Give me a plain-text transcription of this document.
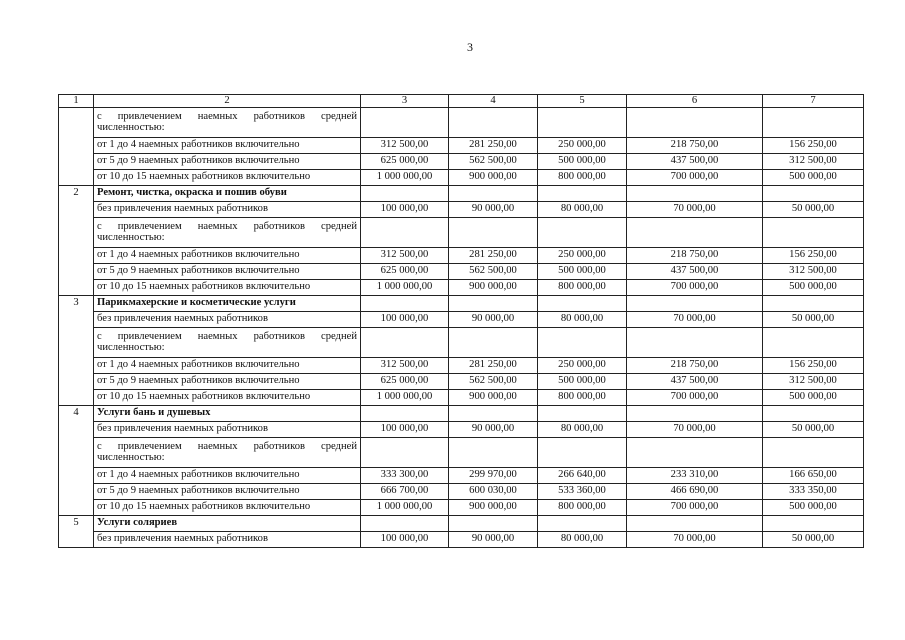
3
1	2	3	4	5	6	7
	с привлечением наемных работников средней численностью:					
	от 1 до 4 наемных работников включительно	312 500,00	281 250,00	250 000,00	218 750,00	156 250,00
	от 5 до 9 наемных работников включительно	625 000,00	562 500,00	500 000,00	437 500,00	312 500,00
	от 10 до 15 наемных работников включительно	1 000 000,00	900 000,00	800 000,00	700 000,00	500 000,00
2	Ремонт, чистка, окраска и пошив обуви					
	без привлечения наемных работников	100 000,00	90 000,00	80 000,00	70 000,00	50 000,00
	с привлечением наемных работников средней численностью:					
	от 1 до 4 наемных работников включительно	312 500,00	281 250,00	250 000,00	218 750,00	156 250,00
	от 5 до 9 наемных работников включительно	625 000,00	562 500,00	500 000,00	437 500,00	312 500,00
	от 10 до 15 наемных работников включительно	1 000 000,00	900 000,00	800 000,00	700 000,00	500 000,00
3	Парикмахерские и косметические услуги					
	без привлечения наемных работников	100 000,00	90 000,00	80 000,00	70 000,00	50 000,00
	с привлечением наемных работников средней численностью:					
	от 1 до 4 наемных работников включительно	312 500,00	281 250,00	250 000,00	218 750,00	156 250,00
	от 5 до 9 наемных работников включительно	625 000,00	562 500,00	500 000,00	437 500,00	312 500,00
	от 10 до 15 наемных работников включительно	1 000 000,00	900 000,00	800 000,00	700 000,00	500 000,00
4	Услуги бань и душевых					
	без привлечения наемных работников	100 000,00	90 000,00	80 000,00	70 000,00	50 000,00
	с привлечением наемных работников средней численностью:					
	от 1 до 4 наемных работников включительно	333 300,00	299 970,00	266 640,00	233 310,00	166 650,00
	от 5 до 9 наемных работников включительно	666 700,00	600 030,00	533 360,00	466 690,00	333 350,00
	от 10 до 15 наемных работников включительно	1 000 000,00	900 000,00	800 000,00	700 000,00	500 000,00
5	Услуги соляриев					
	без привлечения наемных работников	100 000,00	90 000,00	80 000,00	70 000,00	50 000,00
